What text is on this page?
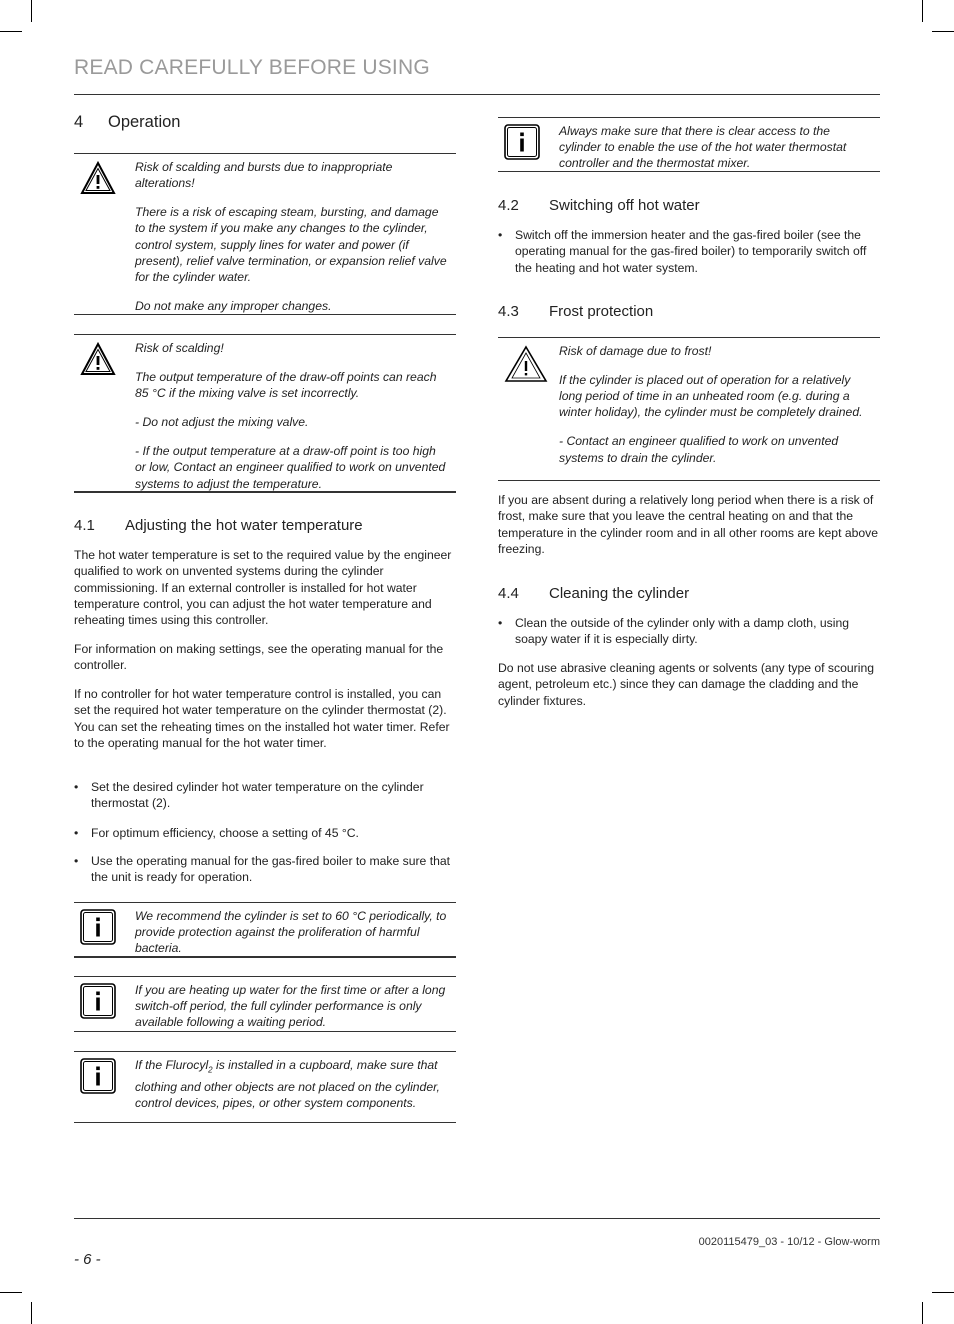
READ CAREFULLY BEFORE USING
4 Operation

Risk of scalding and bursts due to inappropriate alterations!

There is a risk of escaping steam, bursting, and damage to the system if you make any changes to the cylinder, control system, supply lines for water and power (if present), relief valve termination, or expansion relief valve for the cylinder water.

Do not make any improper changes.

Risk of scalding!

The output temperature of the draw-off points can reach 85 °C if the mixing valve is set incorrectly.

- Do not adjust the mixing valve.

- If the output temperature at a draw-off point is too high or low, Contact an engineer qualified to work on unvented systems to adjust the temperature.

4.1 Adjusting the hot water temperature

The hot water temperature is set to the required value by the engineer qualified to work on unvented systems during the cylinder commissioning. If an external controller is installed for hot water temperature control, you can adjust the hot water temperature and reheating times using this controller.

For information on making settings, see the operating manual for the controller.

If no controller for hot water temperature control is installed, you can set the required hot water temperature on the cylinder thermostat (2). You can set the reheating times on the installed hot water timer. Refer to the operating manual for the hot water timer.

• Set the desired cylinder hot water temperature on the cylinder thermostat (2).
• For optimum efficiency, choose a setting of 45 °C.
• Use the operating manual for the gas-fired boiler to make sure that the unit is ready for operation.

We recommend the cylinder is set to 60 °C periodically, to provide protection against the proliferation of harmful bacteria.

If you are heating up water for the first time or after a long switch-off period, the full cylinder performance is only available following a waiting period.

If the Flurocyl$_2$ is installed in a cupboard, make sure that clothing and other objects are not placed on the cylinder, control devices, pipes, or other system components.

Always make sure that there is clear access to the cylinder to enable the use of the hot water thermostat controller and the thermostat mixer.

4.2 Switching off hot water
• Switch off the immersion heater and the gas-fired boiler (see the operating manual for the gas-fired boiler) to temporarily switch off the heating and hot water system.
4.3 Frost protection

Risk of damage due to frost!

If the cylinder is placed out of operation for a relatively long period of time in an unheated room (e.g. during a winter holiday), the cylinder must be completely drained.

- Contact an engineer qualified to work on unvented systems to drain the cylinder.

If you are absent during a relatively long period when there is a risk of frost, make sure that you leave the central heating on and that the temperature in the cylinder room and in all other rooms are kept above freezing.

4.4 Cleaning the cylinder
• Clean the outside of the cylinder only with a damp cloth, using soapy water if it is especially dirty.

Do not use abrasive cleaning agents or solvents (any type of scouring agent, petroleum etc.) since they can damage the cladding and the cylinder fixtures.

0020115479_03 - 10/12 - Glow-worm
- 6 -
